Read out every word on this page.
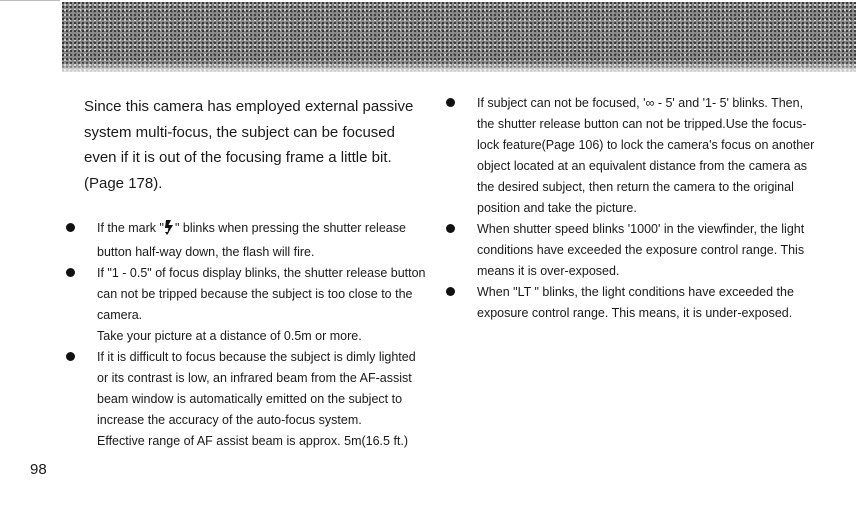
Since this camera has employed external passive system multi-focus, the subject can be focused even if it is out of the focusing frame a little bit.(Page 178).

If the mark " " blinks when pressing the shutter release button half-way down, the flash will fire.
If "1 - 0.5" of focus display blinks, the shutter release button can not be tripped because the subject is too close to the camera.
Take your picture at a distance of 0.5m or more.
If it is difficult to focus because the subject is dimly lighted or its contrast is low, an infrared beam from the AF-assist beam window is automatically emitted on the subject to increase the accuracy of the auto-focus system.
Effective range of AF assist beam is approx. 5m(16.5 ft.)
If subject can not be focused, '∞ - 5' and '1- 5' blinks. Then, the shutter release button can not be tripped.Use the focus-lock feature(Page 106) to lock the camera's focus on another object located at an equivalent distance from the camera as the desired subject, then return the camera to the original position and take the picture.
When shutter speed blinks '1000' in the viewfinder, the light conditions have exceeded the exposure control range. This means it is over-exposed.
When "LT " blinks, the light conditions have exceeded the exposure control range. This means, it is under-exposed.
98
